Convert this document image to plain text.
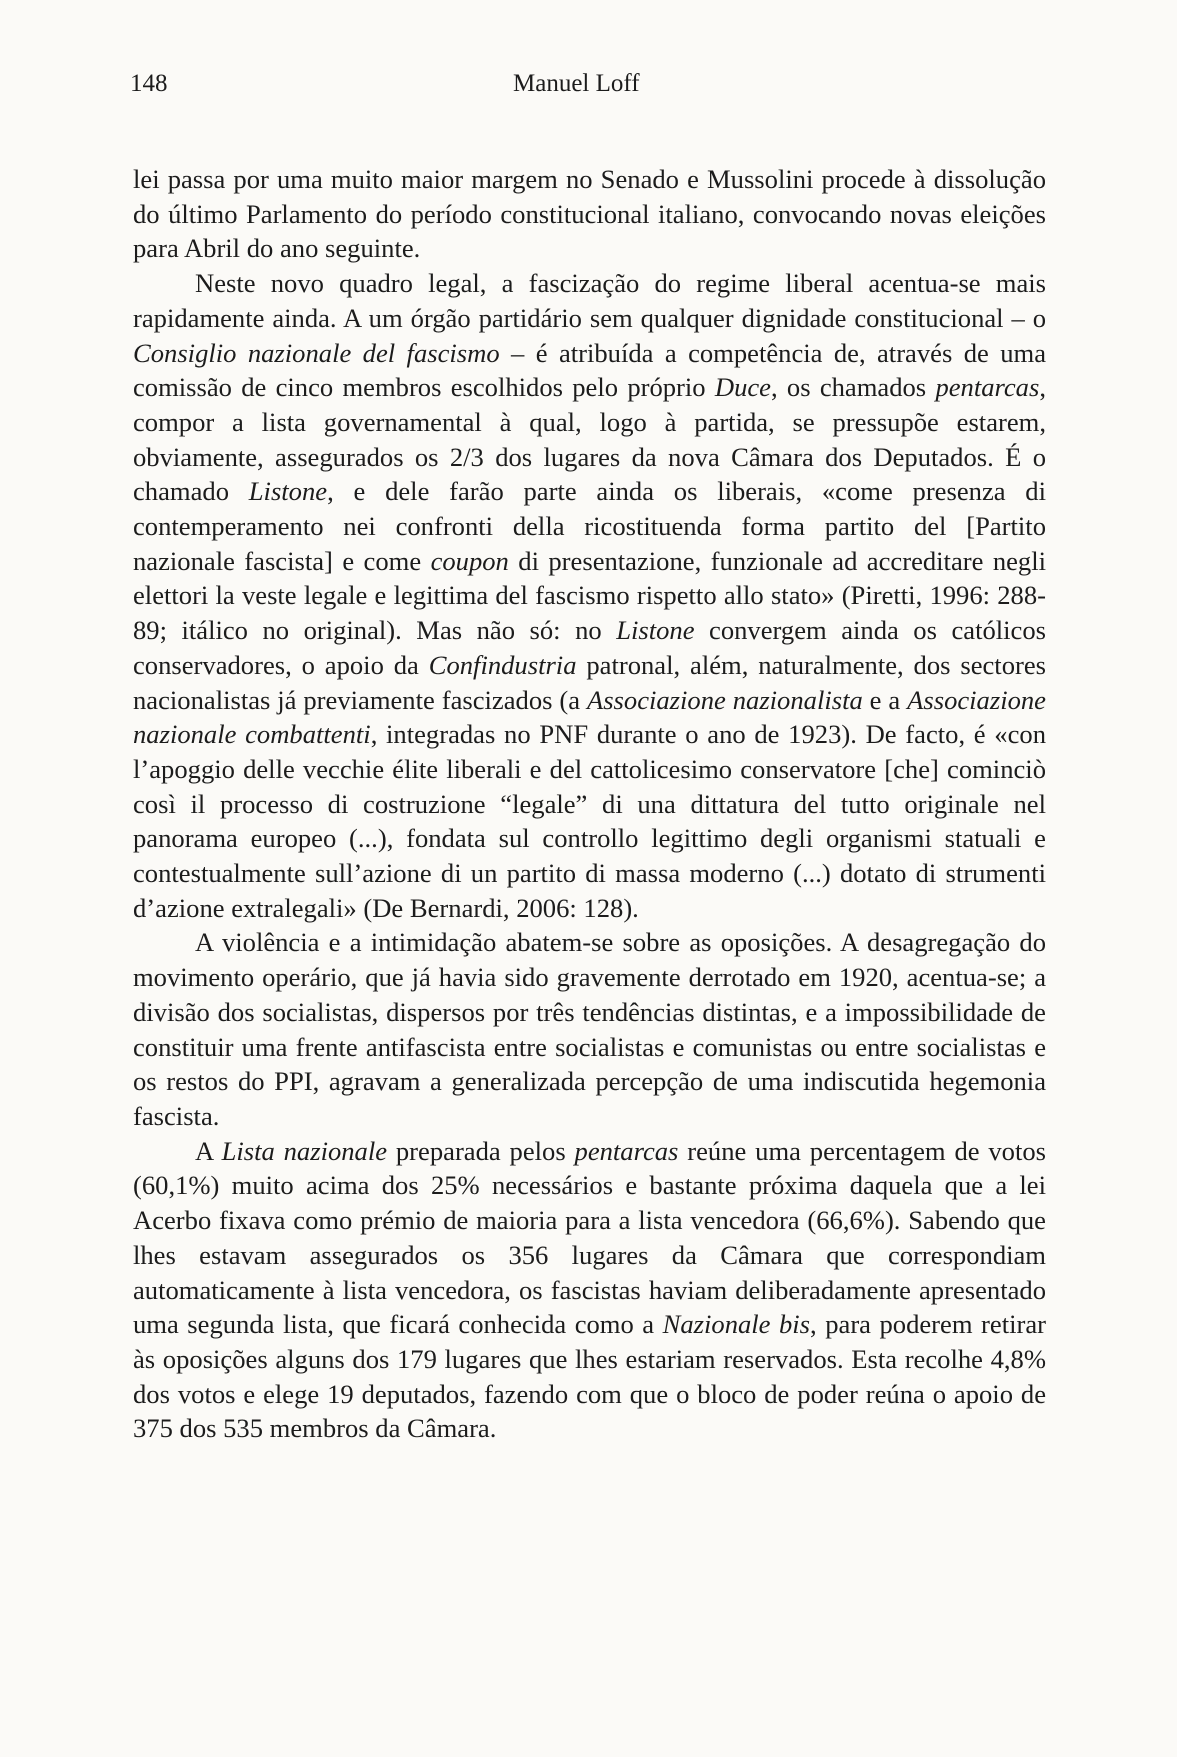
148	Manuel Loff

lei passa por uma muito maior margem no Senado e Mussolini procede à dissolução do último Parlamento do período constitucional italiano, convocando novas eleições para Abril do ano seguinte.

Neste novo quadro legal, a fascização do regime liberal acentua-se mais rapidamente ainda. A um órgão partidário sem qualquer dignidade constitucional – o Consiglio nazionale del fascismo – é atribuída a competência de, através de uma comissão de cinco membros escolhidos pelo próprio Duce, os chamados pentarcas, compor a lista governamental à qual, logo à partida, se pressupõe estarem, obviamente, assegurados os 2/3 dos lugares da nova Câmara dos Deputados. É o chamado Listone, e dele farão parte ainda os liberais, «come presenza di contemperamento nei confronti della ricostituenda forma partito del [Partito nazionale fascista] e come coupon di presentazione, funzionale ad accreditare negli elettori la veste legale e legittima del fascismo rispetto allo stato» (Piretti, 1996: 288-89; itálico no original). Mas não só: no Listone convergem ainda os católicos conservadores, o apoio da Confindustria patronal, além, naturalmente, dos sectores nacionalistas já previamente fascizados (a Associazione nazionalista e a Associazione nazionale combattenti, integradas no PNF durante o ano de 1923). De facto, é «con l’apoggio delle vecchie élite liberali e del cattolicesimo conservatore [che] cominciò così il processo di costruzione “legale” di una dittatura del tutto originale nel panorama europeo (...), fondata sul controllo legittimo degli organismi statuali e contestualmente sull’azione di un partito di massa moderno (...) dotato di strumenti d’azione extralegali» (De Bernardi, 2006: 128).

A violência e a intimidação abatem-se sobre as oposições. A desagregação do movimento operário, que já havia sido gravemente derrotado em 1920, acentua-se; a divisão dos socialistas, dispersos por três tendências distintas, e a impossibilidade de constituir uma frente antifascista entre socialistas e comunistas ou entre socialistas e os restos do PPI, agravam a generalizada percepção de uma indiscutida hegemonia fascista.

A Lista nazionale preparada pelos pentarcas reúne uma percentagem de votos (60,1%) muito acima dos 25% necessários e bastante próxima daquela que a lei Acerbo fixava como prémio de maioria para a lista vencedora (66,6%). Sabendo que lhes estavam assegurados os 356 lugares da Câmara que correspondiam automaticamente à lista vencedora, os fascistas haviam deliberadamente apresentado uma segunda lista, que ficará conhecida como a Nazionale bis, para poderem retirar às oposições alguns dos 179 lugares que lhes estariam reservados. Esta recolhe 4,8% dos votos e elege 19 deputados, fazendo com que o bloco de poder reúna o apoio de 375 dos 535 membros da Câmara.
